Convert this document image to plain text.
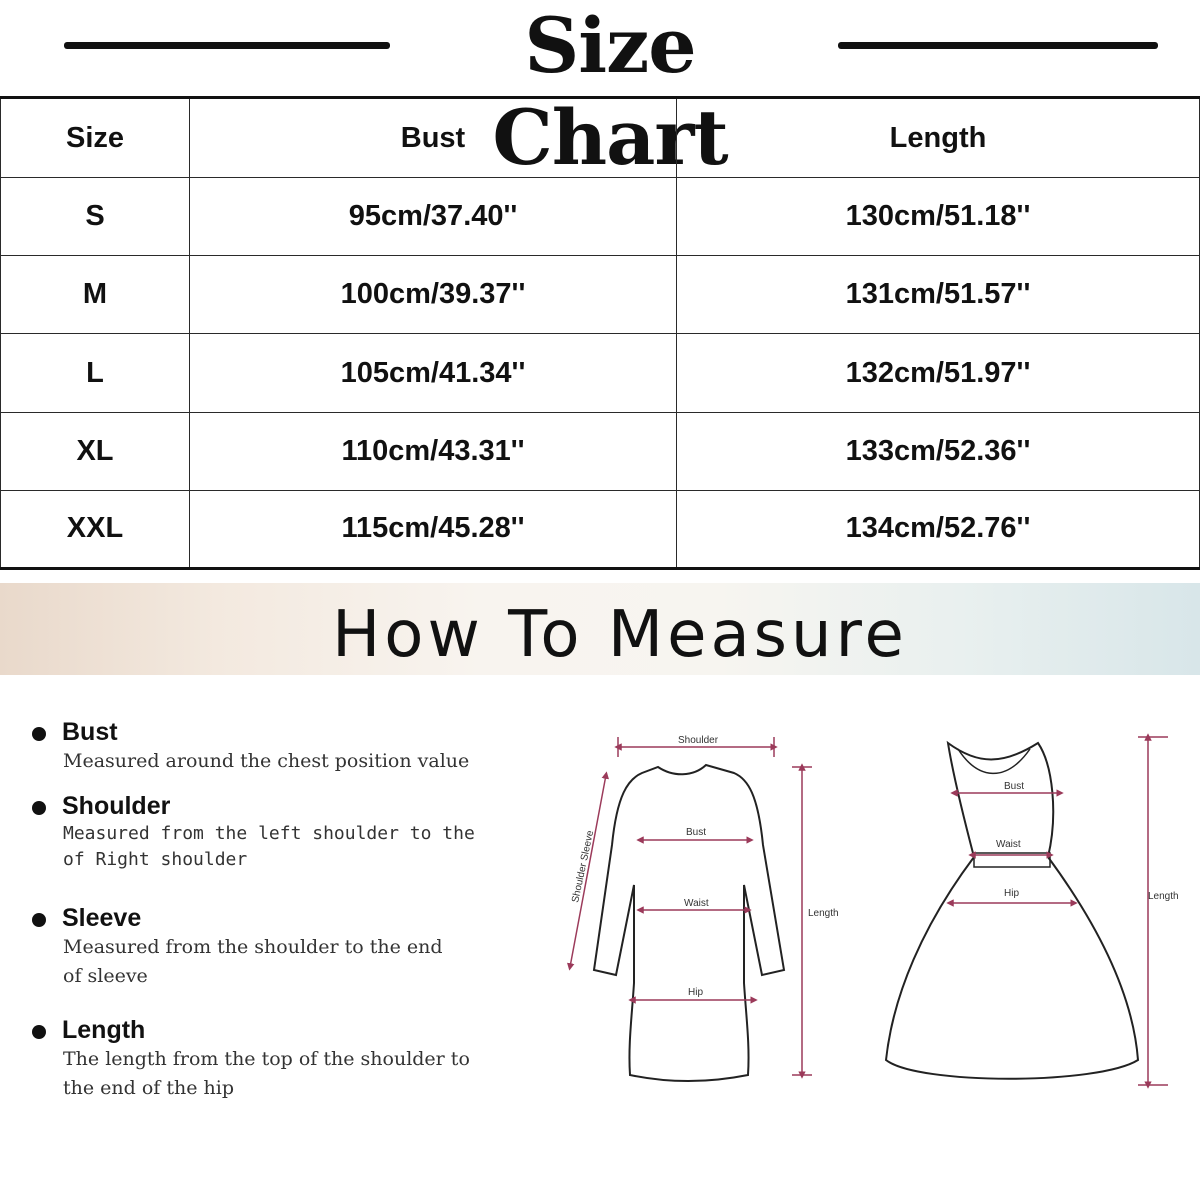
Size Chart
Size	Bust	Length
S	95cm/37.40''	130cm/51.18''
M	100cm/39.37''	131cm/51.57''
L	105cm/41.34''	132cm/51.97''
XL	110cm/43.31''	133cm/52.36''
XXL	115cm/45.28''	134cm/52.76''
How To Measure
Bust
Measured around the chest position value
Shoulder
Measured from the left shoulder to the
of Right shoulder
Sleeve
Measured from the shoulder to the end
of sleeve
Length
The length from the top of the shoulder to
the end of the hip
Shoulder
Shoulder Sleeve	Bust
Waist
Hip
Length
Bust
Waist
Hip	Length
